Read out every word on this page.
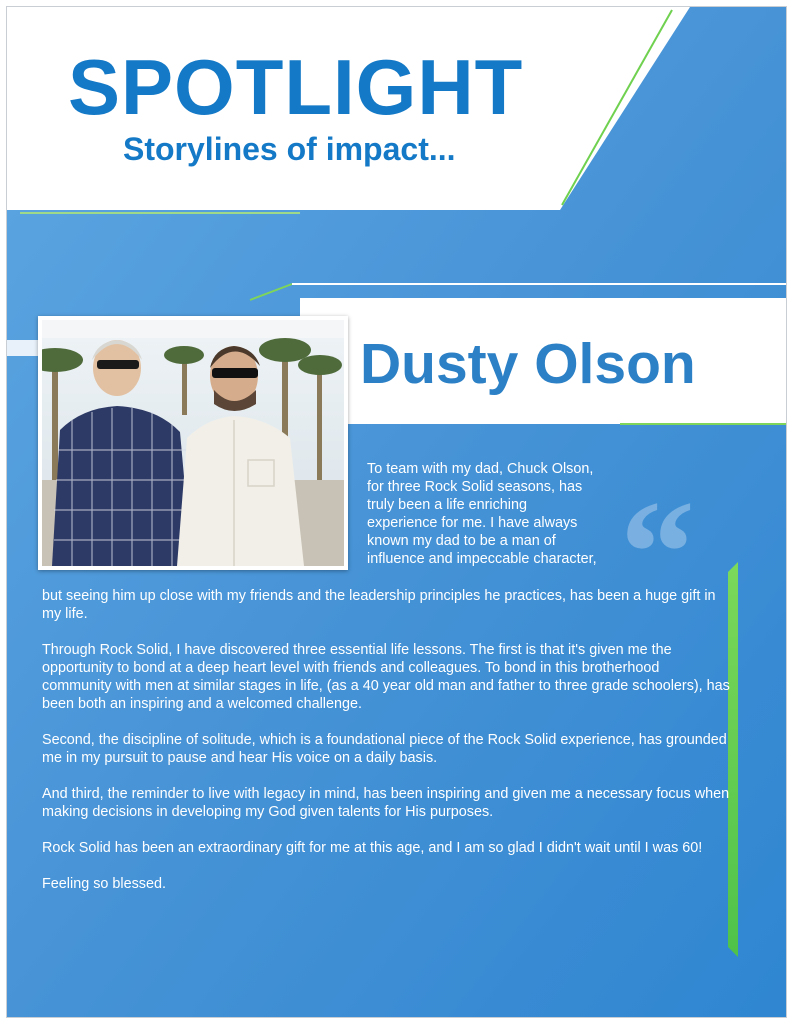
SPOTLIGHT
Storylines of impact...
Dusty Olson
“

To team with my dad, Chuck Olson,

for three Rock Solid seasons, has

truly been a life enriching

experience for me. I have always

known my dad to be a man of

influence and impeccable character,

but seeing him up close with my friends and the leadership principles he practices, has been a huge gift in my life.

Through Rock Solid, I have discovered three essential life lessons. The first is that it's given me the opportunity to bond at a deep heart level with friends and colleagues. To bond in this brotherhood community with men at similar stages in life, (as a 40 year old man and father to three grade schoolers), has been both an inspiring and a welcomed challenge.

Second, the discipline of solitude, which is a foundational piece of the Rock Solid experience, has grounded me in my pursuit to pause and hear His voice on a daily basis.

And third, the reminder to live with legacy in mind, has been inspiring and given me a necessary focus when making decisions in developing my God given talents for His purposes.

Rock Solid has been an extraordinary gift for me at this age, and I am so glad I didn't wait until I was 60!

Feeling so blessed.
